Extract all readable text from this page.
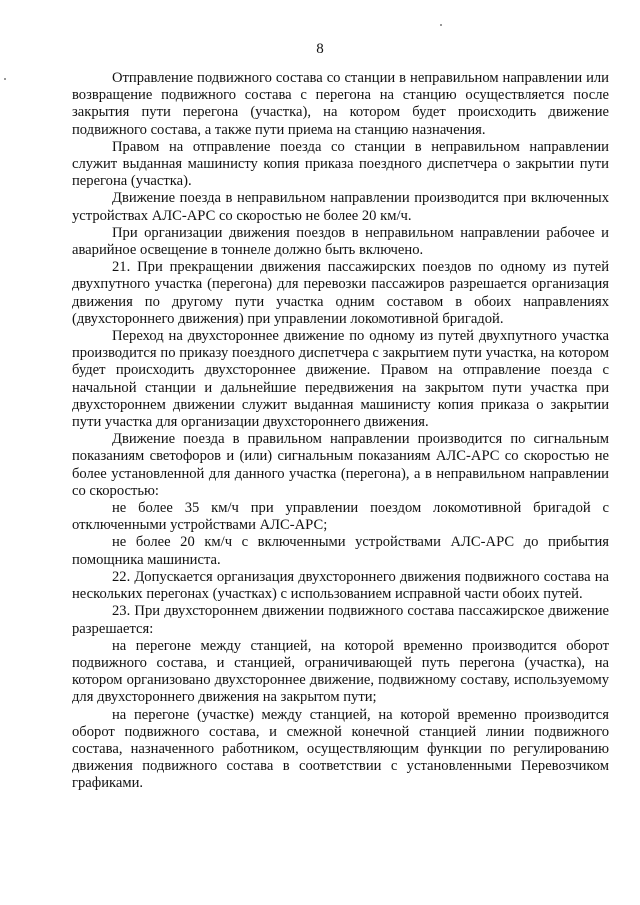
8

Отправление подвижного состава со станции в неправильном направлении или возвращение подвижного состава с перегона на станцию осуществляется после закрытия пути перегона (участка), на котором будет происходить движение подвижного состава, а также пути приема на станцию назначения.

Правом на отправление поезда со станции в неправильном направлении служит выданная машинисту копия приказа поездного диспетчера о закрытии пути перегона (участка).

Движение поезда в неправильном направлении производится при включенных устройствах АЛС-АРС со скоростью не более 20 км/ч.

При организации движения поездов в неправильном направлении рабочее и аварийное освещение в тоннеле должно быть включено.

21. При прекращении движения пассажирских поездов по одному из путей двухпутного участка (перегона) для перевозки пассажиров разрешается организация движения по другому пути участка одним составом в обоих направлениях (двухстороннего движения) при управлении локомотивной бригадой.

Переход на двухстороннее движение по одному из путей двухпутного участка производится по приказу поездного диспетчера с закрытием пути участка, на котором будет происходить двухстороннее движение. Правом на отправление поезда с начальной станции и дальнейшие передвижения на закрытом пути участка при двухстороннем движении служит выданная машинисту копия приказа о закрытии пути участка для организации двухстороннего движения.

Движение поезда в правильном направлении производится по сигнальным показаниям светофоров и (или) сигнальным показаниям АЛС-АРС со скоростью не более установленной для данного участка (перегона), а в неправильном направлении со скоростью:

не более 35 км/ч при управлении поездом локомотивной бригадой с отключенными устройствами АЛС-АРС;

не более 20 км/ч с включенными устройствами АЛС-АРС до прибытия помощника машиниста.

22. Допускается организация двухстороннего движения подвижного состава на нескольких перегонах (участках) с использованием исправной части обоих путей.

23. При двухстороннем движении подвижного состава пассажирское движение разрешается:

на перегоне между станцией, на которой временно производится оборот подвижного состава, и станцией, ограничивающей путь перегона (участка), на котором организовано двухстороннее движение, подвижному составу, используемому для двухстороннего движения на закрытом пути;

на перегоне (участке) между станцией, на которой временно производится оборот подвижного состава, и смежной конечной станцией линии подвижного состава, назначенного работником, осуществляющим функции по регулированию движения подвижного состава в соответствии с установленными Перевозчиком графиками.
